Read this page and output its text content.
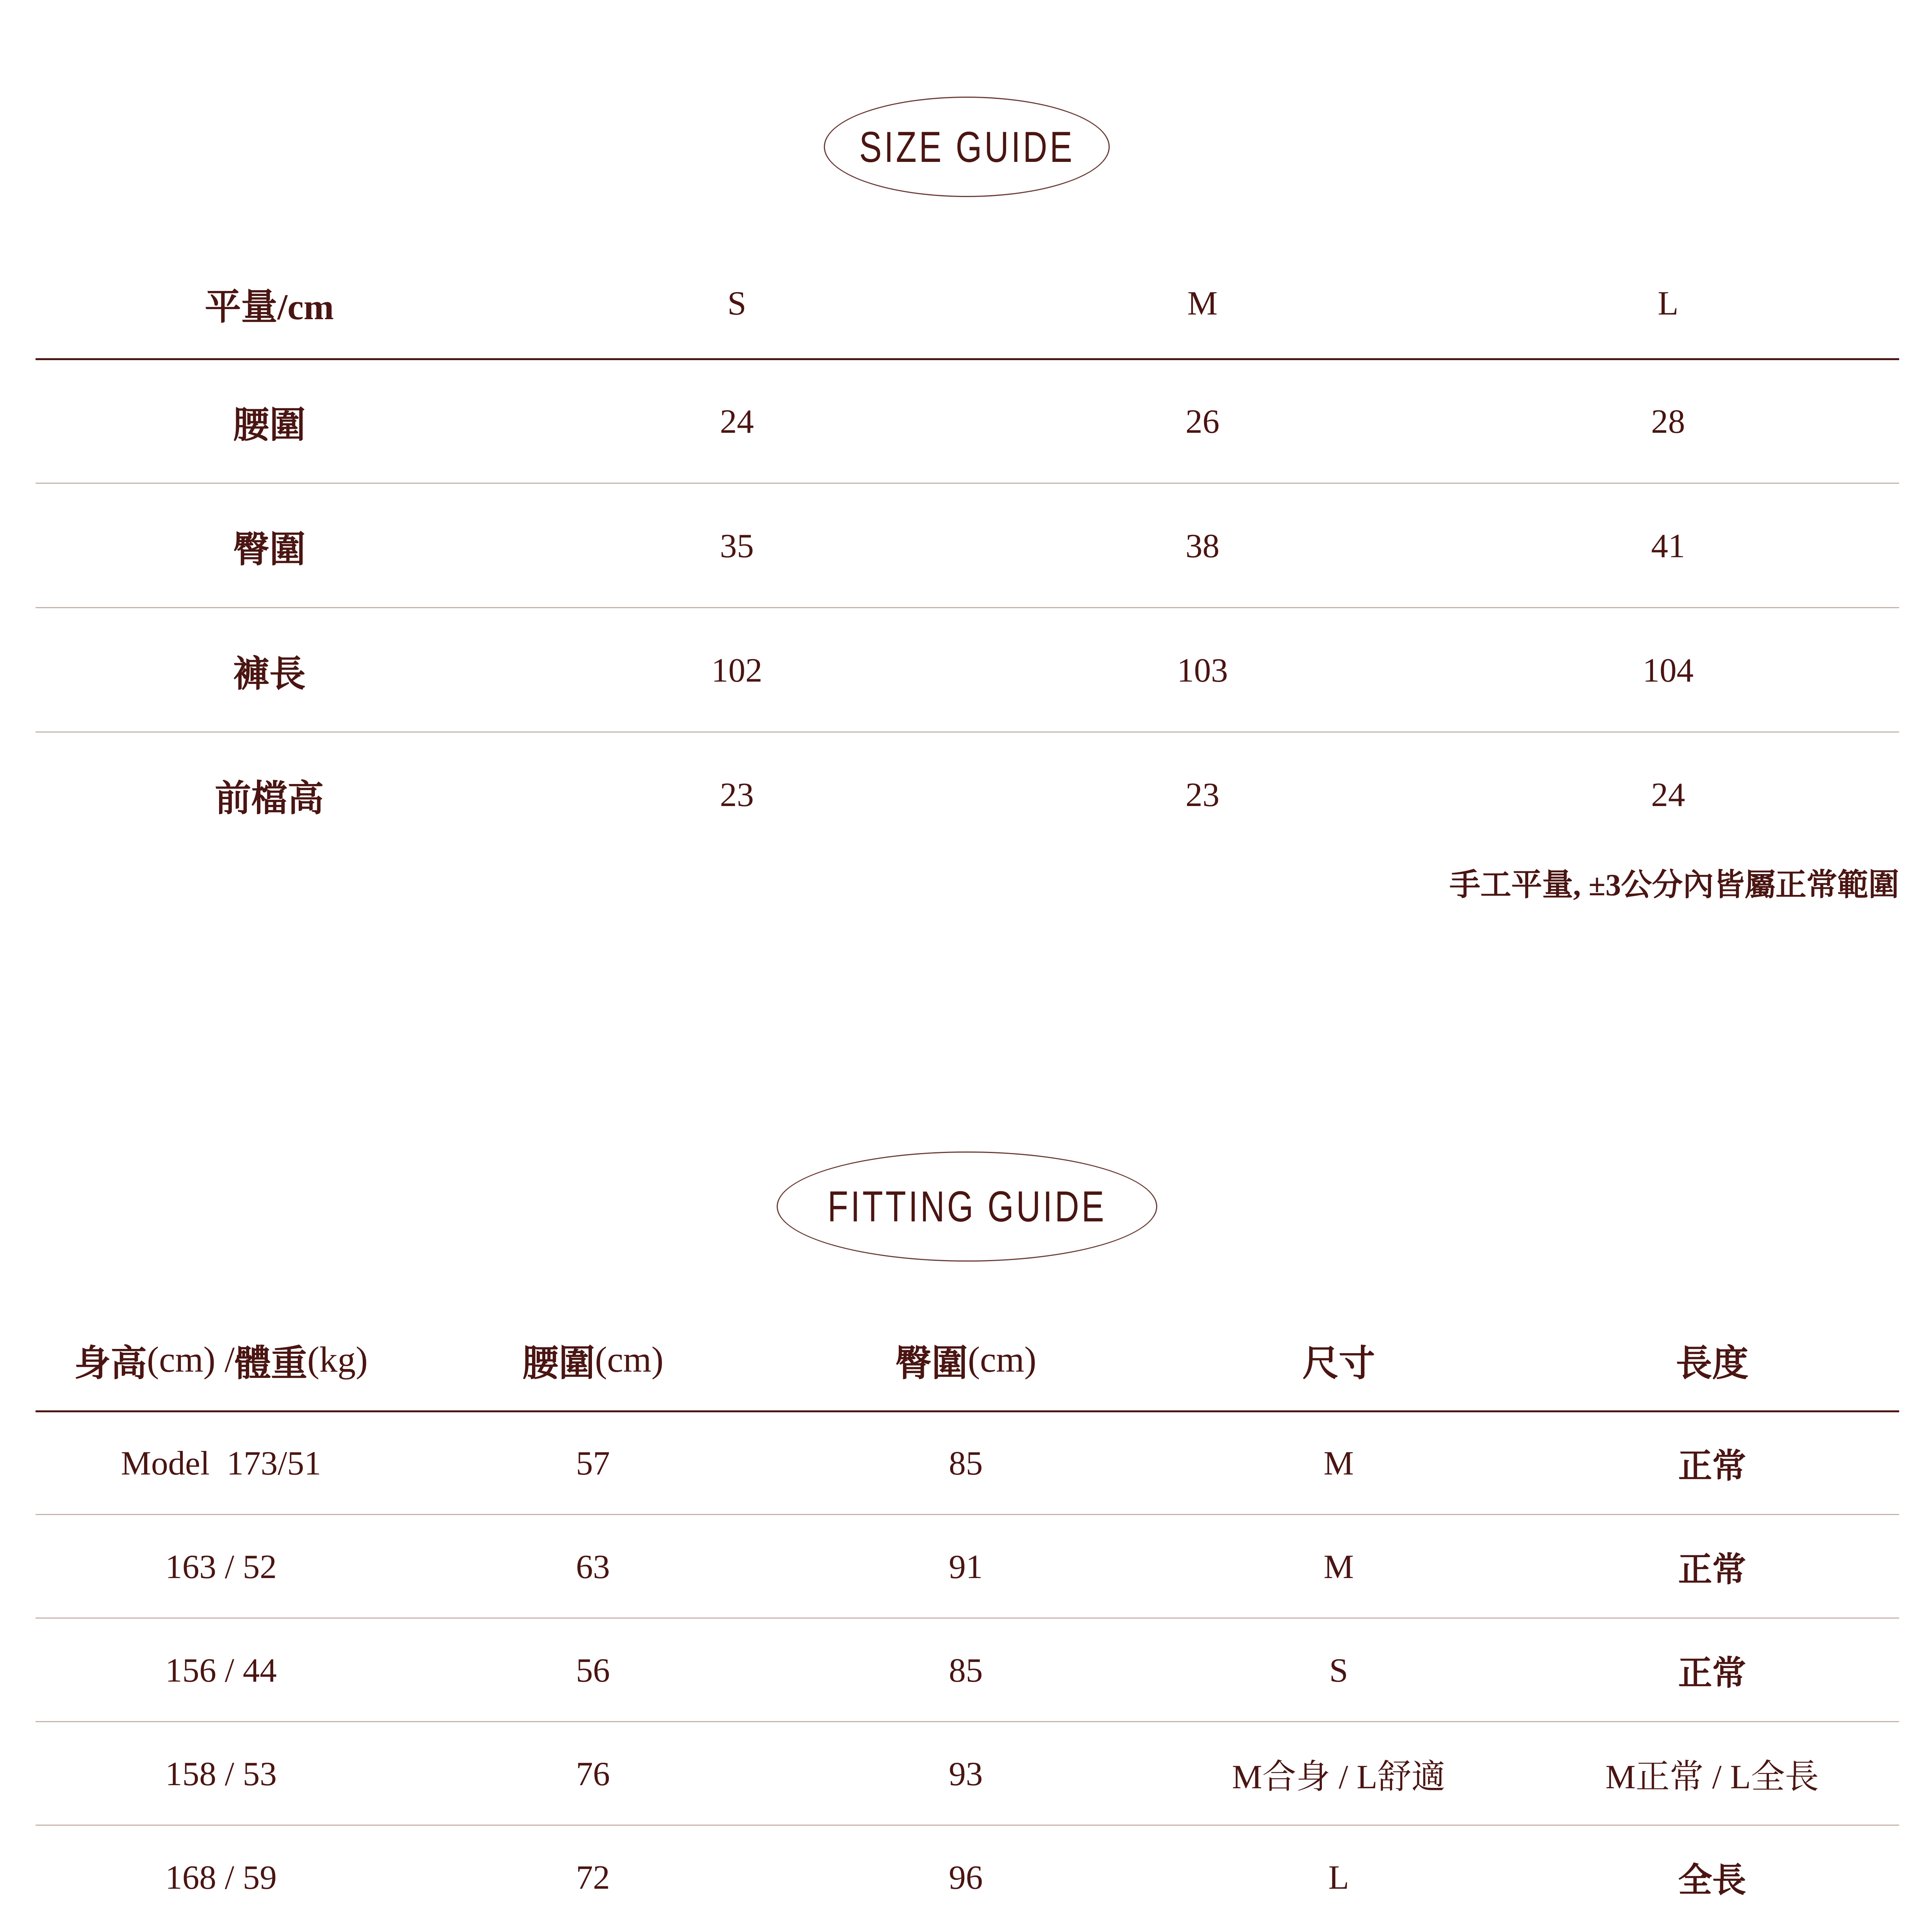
SIZE GUIDE
平量/cm	S	M	L
腰圍	24	26	28
臀圍	35	38	41
褲長	102	103	104
前檔高	23	23	24
手工平量, ±3公分內皆屬正常範圍
FITTING GUIDE
身高 (cm) / 體重 (kg)	腰圍 (cm)	臀圍 (cm)	尺寸	長度
Model  173/51	57	85	M	正常
163 / 52	63	91	M	正常
156 / 44	56	85	S	正常
158 / 53	76	93	M合身 / L舒適	M正常 / L全長
168 / 59	72	96	L	全長
